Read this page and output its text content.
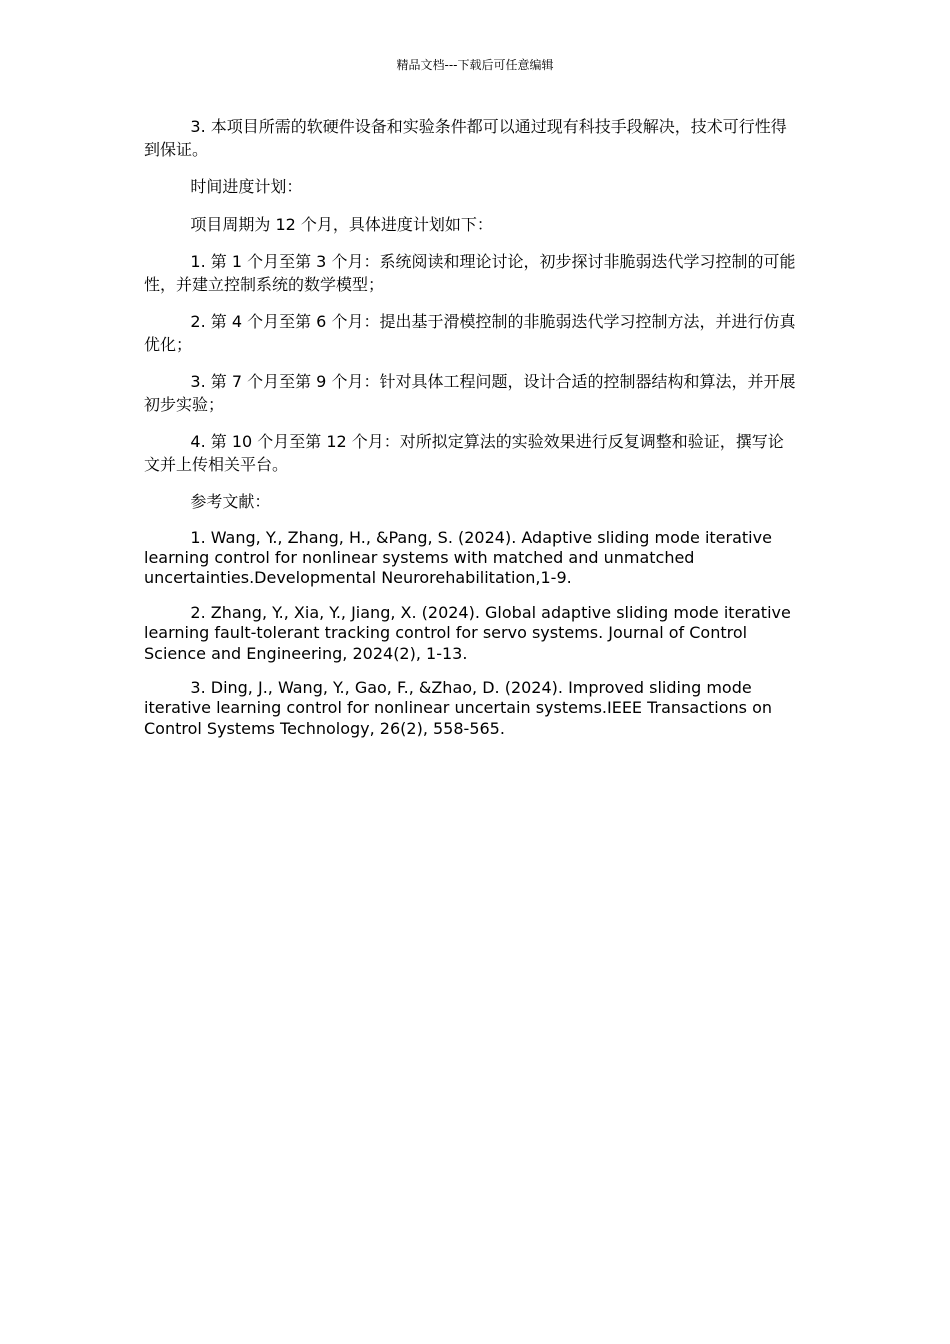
精品文档---下载后可任意编辑

3. 本项目所需的软硬件设备和实验条件都可以通过现有科技手段解决，技术可行性得到保证。

时间进度计划：

项目周期为 12 个月，具体进度计划如下：

1. 第 1 个月至第 3 个月：系统阅读和理论讨论，初步探讨非脆弱迭代学习控制的可能性，并建立控制系统的数学模型；

2. 第 4 个月至第 6 个月：提出基于滑模控制的非脆弱迭代学习控制方法，并进行仿真优化；

3. 第 7 个月至第 9 个月：针对具体工程问题，设计合适的控制器结构和算法，并开展初步实验；

4. 第 10 个月至第 12 个月：对所拟定算法的实验效果进行反复调整和验证，撰写论文并上传相关平台。

参考文献：

1. Wang, Y., Zhang, H., &Pang, S. (2024). Adaptive sliding mode iterative learning control for nonlinear systems with matched and unmatched uncertainties.Developmental Neurorehabilitation,1-9.

2. Zhang, Y., Xia, Y., Jiang, X. (2024). Global adaptive sliding mode iterative learning fault-tolerant tracking control for servo systems. Journal of Control Science and Engineering, 2024(2), 1-13.

3. Ding, J., Wang, Y., Gao, F., &Zhao, D. (2024). Improved sliding mode iterative learning control for nonlinear uncertain systems.IEEE Transactions on Control Systems Technology, 26(2), 558-565.
